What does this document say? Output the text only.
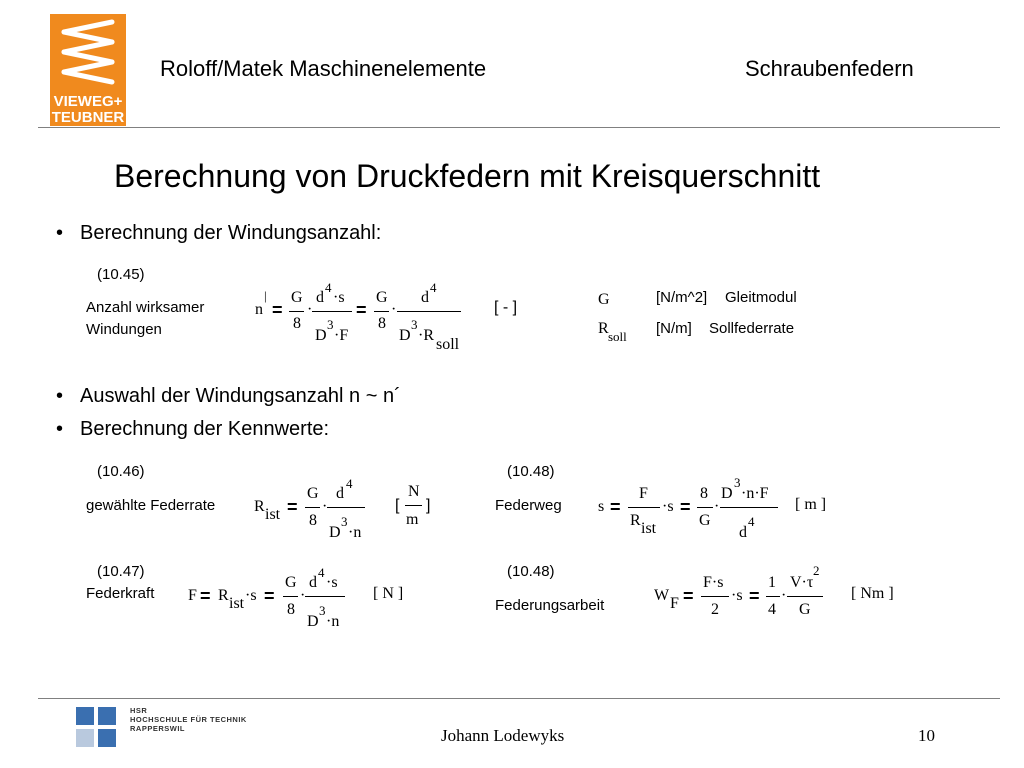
VIEWEG+
TEUBNER
Roloff/Matek Maschinenelemente	Schraubenfedern
Berechnung von Druckfedern mit Kreisquerschnitt
• Berechnung der Windungsanzahl:
(10.45)
Anzahl wirksamer
Windungen
n
|
=
G
8
·
d
4
·s
D
3
·F
=
G
8
·
d
4
D
3
·R
soll
[ - ]	G	[N/m^2] Gleitmodul
R soll [N/m] Sollfederrate
• Auswahl der Windungsanzahl n ~ n´
• Berechnung der Kennwerte:
(10.46)
gewählte Federrate R ist =
G
8
·
d
4
D
3
·n
[
N
m
]
(10.48)
Federweg s =
F
R ist
·s =
8
G
·
D
3
·n·F
d
4
[ m ]
(10.47)
Federkraft F = R ist ·s =
G
8
·
d
4
·s
D
3
·n
[ N ]
(10.48)
Federungsarbeit
W F =
F·s
2
·s =
1
4
·
V·τ
2
G
[ Nm ]
HSR
HOCHSCHULE FÜR TECHNIK
RAPPERSWIL	Johann Lodewyks	10
